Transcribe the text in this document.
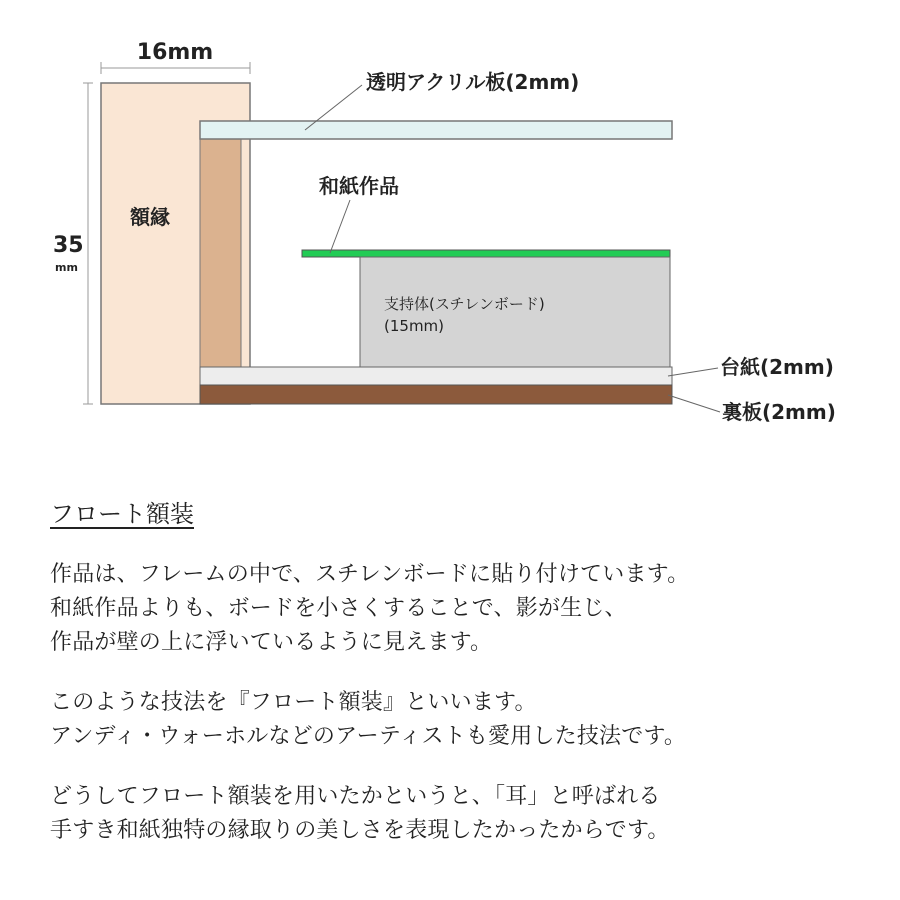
16mm
35
mm
額縁
透明アクリル板(2mm)
和紙作品
支持体(スチレンボード)
(15mm)
台紙(2mm)
裏板(2mm)
フロート額装
作品は、フレームの中で、スチレンボードに貼り付けています。
和紙作品よりも、ボードを小さくすることで、影が生じ、
作品が壁の上に浮いているように見えます。
このような技法を『フロート額装』といいます。
アンディ・ウォーホルなどのアーティストも愛用した技法です。
どうしてフロート額装を用いたかというと、「耳」と呼ばれる
手すき和紙独特の縁取りの美しさを表現したかったからです。
